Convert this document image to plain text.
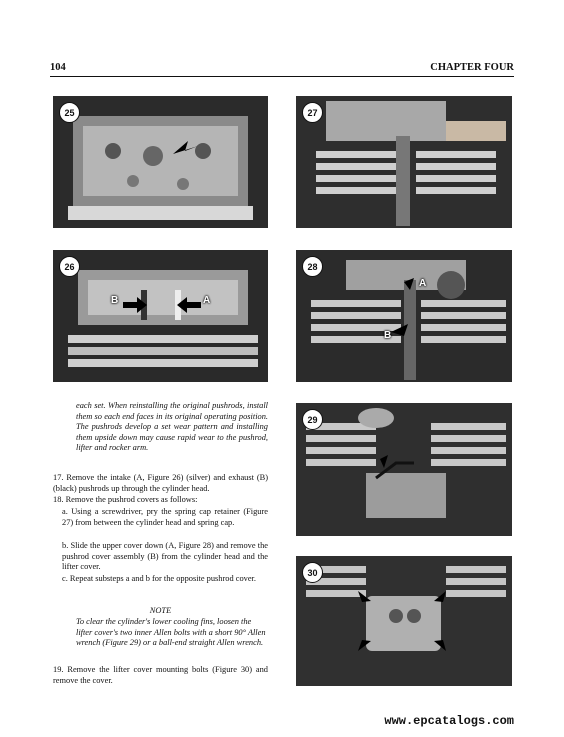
104	CHAPTER FOUR
25
26
B	A
27
28
A
B
29
30
each set. When reinstalling the original pushrods, install them so each end faces in its original operating position. The pushrods develop a set wear pattern and installing them upside down may cause rapid wear to the pushrod, lifter and rocker arm.
17. Remove the intake (A, Figure 26) (silver) and exhaust (B) (black) pushrods up through the cylinder head.
18. Remove the pushrod covers as follows:
a. Using a screwdriver, pry the spring cap retainer (Figure 27) from between the cylinder head and spring cap.
b. Slide the upper cover down (A, Figure 28) and remove the pushrod cover assembly (B) from the cylinder head and the lifter cover.
c. Repeat substeps a and b for the opposite pushrod cover.
NOTE
To clear the cylinder's lower cooling fins, loosen the lifter cover's two inner Allen bolts with a short 90° Allen wrench (Figure 29) or a ball-end straight Allen wrench.
19. Remove the lifter cover mounting bolts (Figure 30) and remove the cover.
www.epcatalogs.com
